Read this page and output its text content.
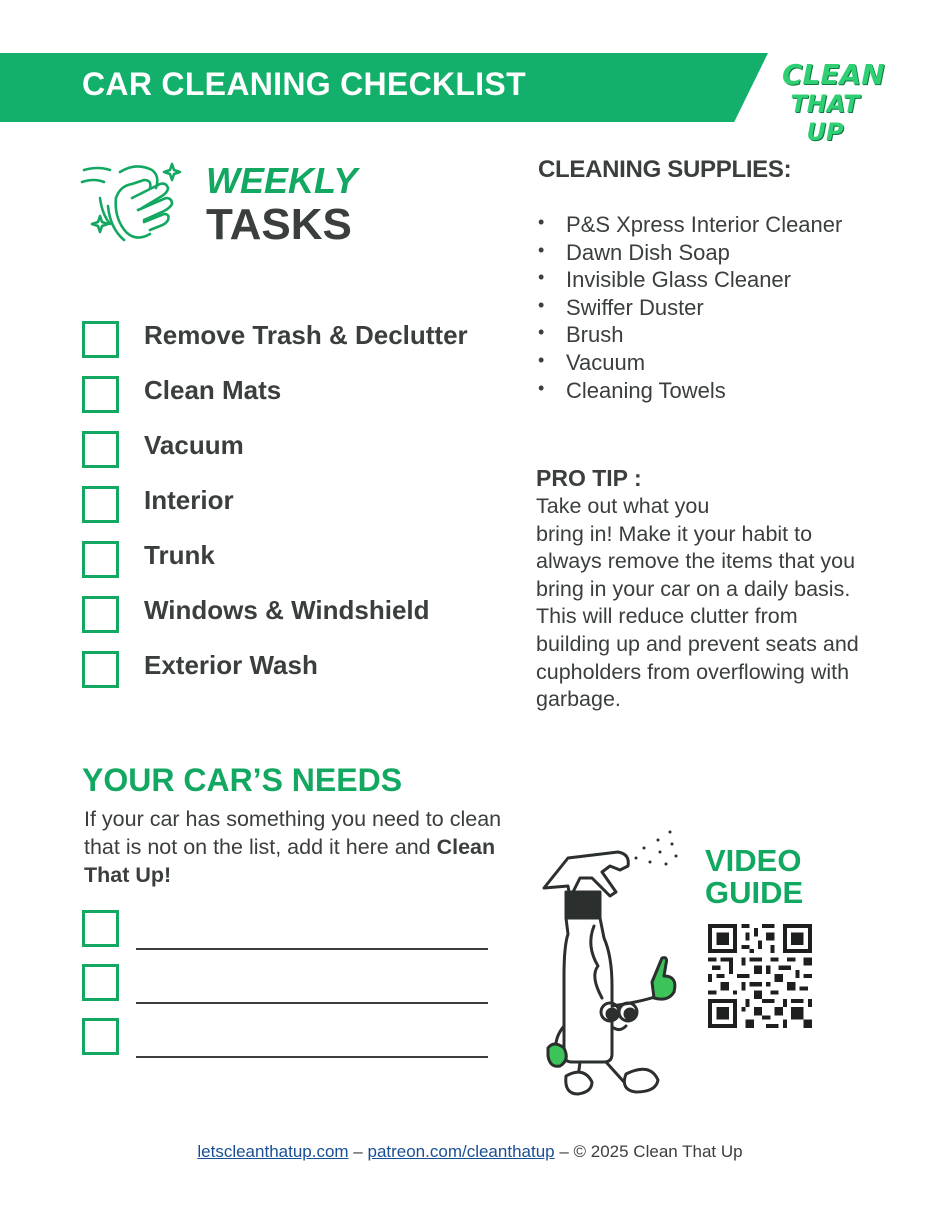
CAR CLEANING CHECKLIST	CLEAN
THAT UP
WEEKLY
TASKS
Remove Trash & Declutter
Clean Mats
Vacuum
Interior
Trunk
Windows & Windshield
Exterior Wash
CLEANING SUPPLIES:
• P&S Xpress Interior Cleaner
• Dawn Dish Soap
• Invisible Glass Cleaner
• Swiffer Duster
• Brush
• Vacuum
• Cleaning Towels
PRO TIP :
Take out what you
bring in! Make it your habit to always remove the items that you bring in your car on a daily basis. This will reduce clutter from building up and prevent seats and cupholders from overflowing with garbage.
YOUR CAR’S NEEDS
If your car has something you need to clean that is not on the list, add it here and Clean That Up!	VIDEO
GUIDE
letscleanthatup.com – patreon.com/cleanthatup – © 2025 Clean That Up
